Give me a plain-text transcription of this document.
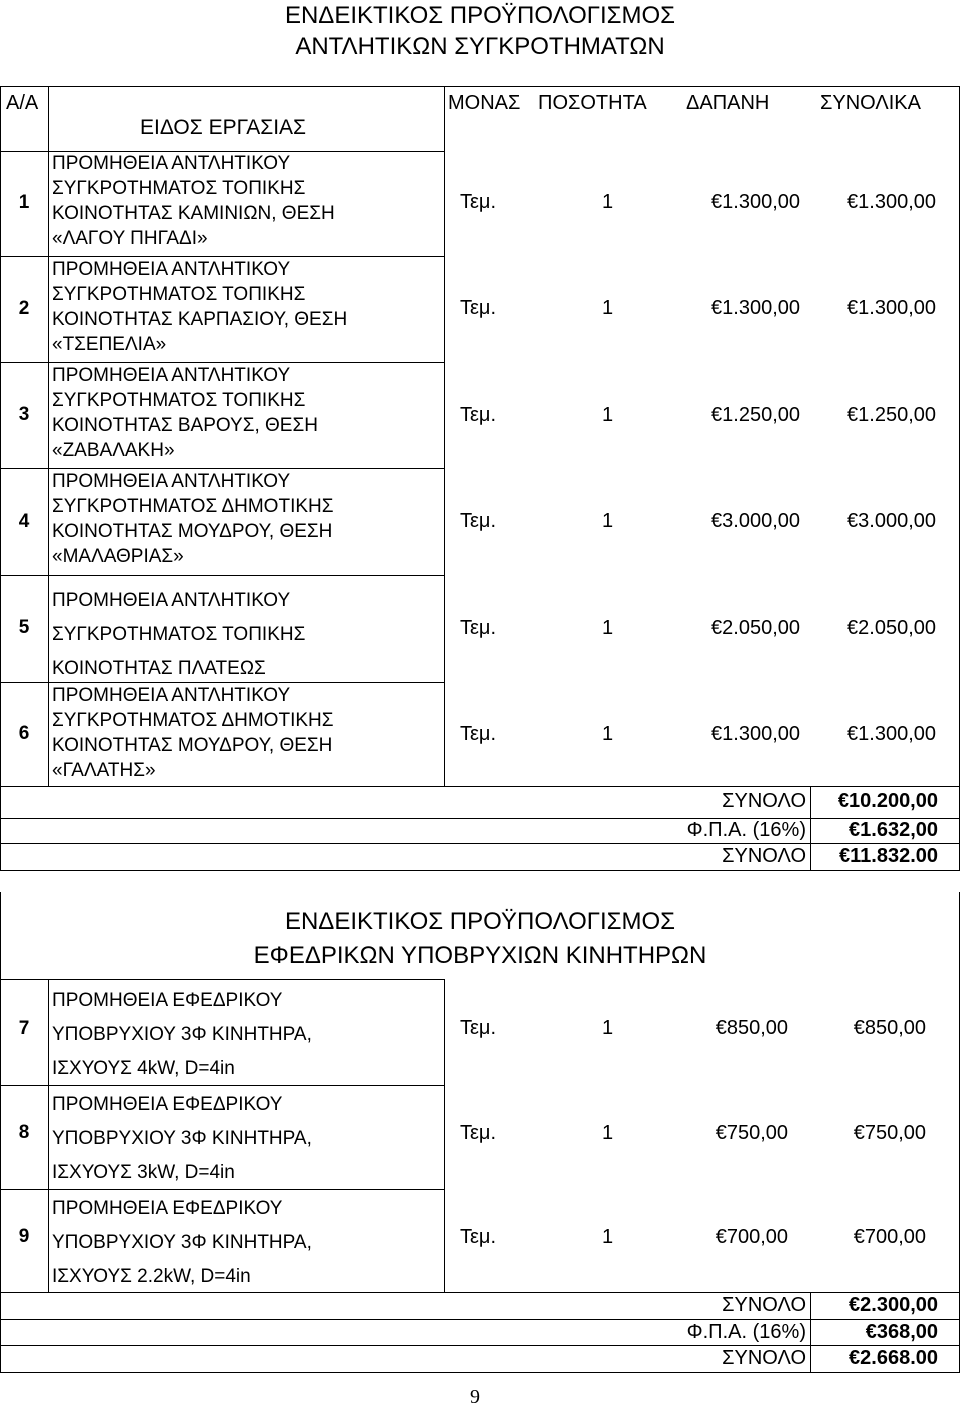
ΕΝΔΕΙΚΤΙΚΟΣ ΠΡΟΫΠΟΛΟΓΙΣΜΟΣ
ΑΝΤΛΗΤΙΚΩΝ ΣΥΓΚΡΟΤΗΜΑΤΩΝ
Α/Α
ΕΙΔΟΣ ΕΡΓΑΣΙΑΣ
ΜΟΝΑΣ ΠΟΣΟΤΗΤΑ ΔΑΠΑΝΗ	ΣΥΝΟΛΙΚΑ
1
ΠΡΟΜΗΘΕΙΑ ΑΝΤΛΗΤΙΚΟΥ
ΣΥΓΚΡΟΤΗΜΑΤΟΣ ΤΟΠΙΚΗΣ
ΚΟΙΝΟΤΗΤΑΣ ΚΑΜΙΝΙΩΝ, ΘΕΣΗ
«ΛΑΓΟΥ ΠΗΓΑΔΙ»
Τεμ.	1	€1.300,00	€1.300,00
2
ΠΡΟΜΗΘΕΙΑ ΑΝΤΛΗΤΙΚΟΥ
ΣΥΓΚΡΟΤΗΜΑΤΟΣ ΤΟΠΙΚΗΣ
ΚΟΙΝΟΤΗΤΑΣ ΚΑΡΠΑΣΙΟΥ, ΘΕΣΗ
«ΤΣΕΠΕΛΙΑ»
Τεμ.	1	€1.300,00	€1.300,00
3
ΠΡΟΜΗΘΕΙΑ ΑΝΤΛΗΤΙΚΟΥ
ΣΥΓΚΡΟΤΗΜΑΤΟΣ ΤΟΠΙΚΗΣ
ΚΟΙΝΟΤΗΤΑΣ ΒΑΡΟΥΣ, ΘΕΣΗ
«ΖΑΒΑΛΑΚΗ»
Τεμ.	1	€1.250,00	€1.250,00
4
ΠΡΟΜΗΘΕΙΑ ΑΝΤΛΗΤΙΚΟΥ
ΣΥΓΚΡΟΤΗΜΑΤΟΣ ΔΗΜΟΤΙΚΗΣ
ΚΟΙΝΟΤΗΤΑΣ ΜΟΥΔΡΟΥ, ΘΕΣΗ
«ΜΑΛΑΘΡΙΑΣ»
Τεμ.	1	€3.000,00	€3.000,00
5
ΠΡΟΜΗΘΕΙΑ ΑΝΤΛΗΤΙΚΟΥ
ΣΥΓΚΡΟΤΗΜΑΤΟΣ ΤΟΠΙΚΗΣ
ΚΟΙΝΟΤΗΤΑΣ ΠΛΑΤΕΩΣ
Τεμ.	1	€2.050,00	€2.050,00
6
ΠΡΟΜΗΘΕΙΑ ΑΝΤΛΗΤΙΚΟΥ
ΣΥΓΚΡΟΤΗΜΑΤΟΣ ΔΗΜΟΤΙΚΗΣ
ΚΟΙΝΟΤΗΤΑΣ ΜΟΥΔΡΟΥ, ΘΕΣΗ
«ΓΑΛΑΤΗΣ»
Τεμ.	1	€1.300,00	€1.300,00
ΣΥΝΟΛΟ	€10.200,00
Φ.Π.Α. (16%)	€1.632,00
ΣΥΝΟΛΟ	€11.832.00
ΕΝΔΕΙΚΤΙΚΟΣ ΠΡΟΫΠΟΛΟΓΙΣΜΟΣ
ΕΦΕΔΡΙΚΩΝ ΥΠΟΒΡΥΧΙΩΝ ΚΙΝΗΤΗΡΩΝ
7
ΠΡΟΜΗΘΕΙΑ ΕΦΕΔΡΙΚΟΥ
ΥΠΟΒΡΥΧΙΟΥ 3Φ ΚΙΝΗΤΗΡΑ,
ΙΣΧΥΟΥΣ 4kW, D=4in
Τεμ.	1	€850,00	€850,00
8
ΠΡΟΜΗΘΕΙΑ ΕΦΕΔΡΙΚΟΥ
ΥΠΟΒΡΥΧΙΟΥ 3Φ ΚΙΝΗΤΗΡΑ,
ΙΣΧΥΟΥΣ 3kW, D=4in
Τεμ.	1	€750,00	€750,00
9
ΠΡΟΜΗΘΕΙΑ ΕΦΕΔΡΙΚΟΥ
ΥΠΟΒΡΥΧΙΟΥ 3Φ ΚΙΝΗΤΗΡΑ,
ΙΣΧΥΟΥΣ 2.2kW, D=4in
Τεμ.	1	€700,00	€700,00
ΣΥΝΟΛΟ	€2.300,00
Φ.Π.Α. (16%)	€368,00
ΣΥΝΟΛΟ	€2.668.00
9
